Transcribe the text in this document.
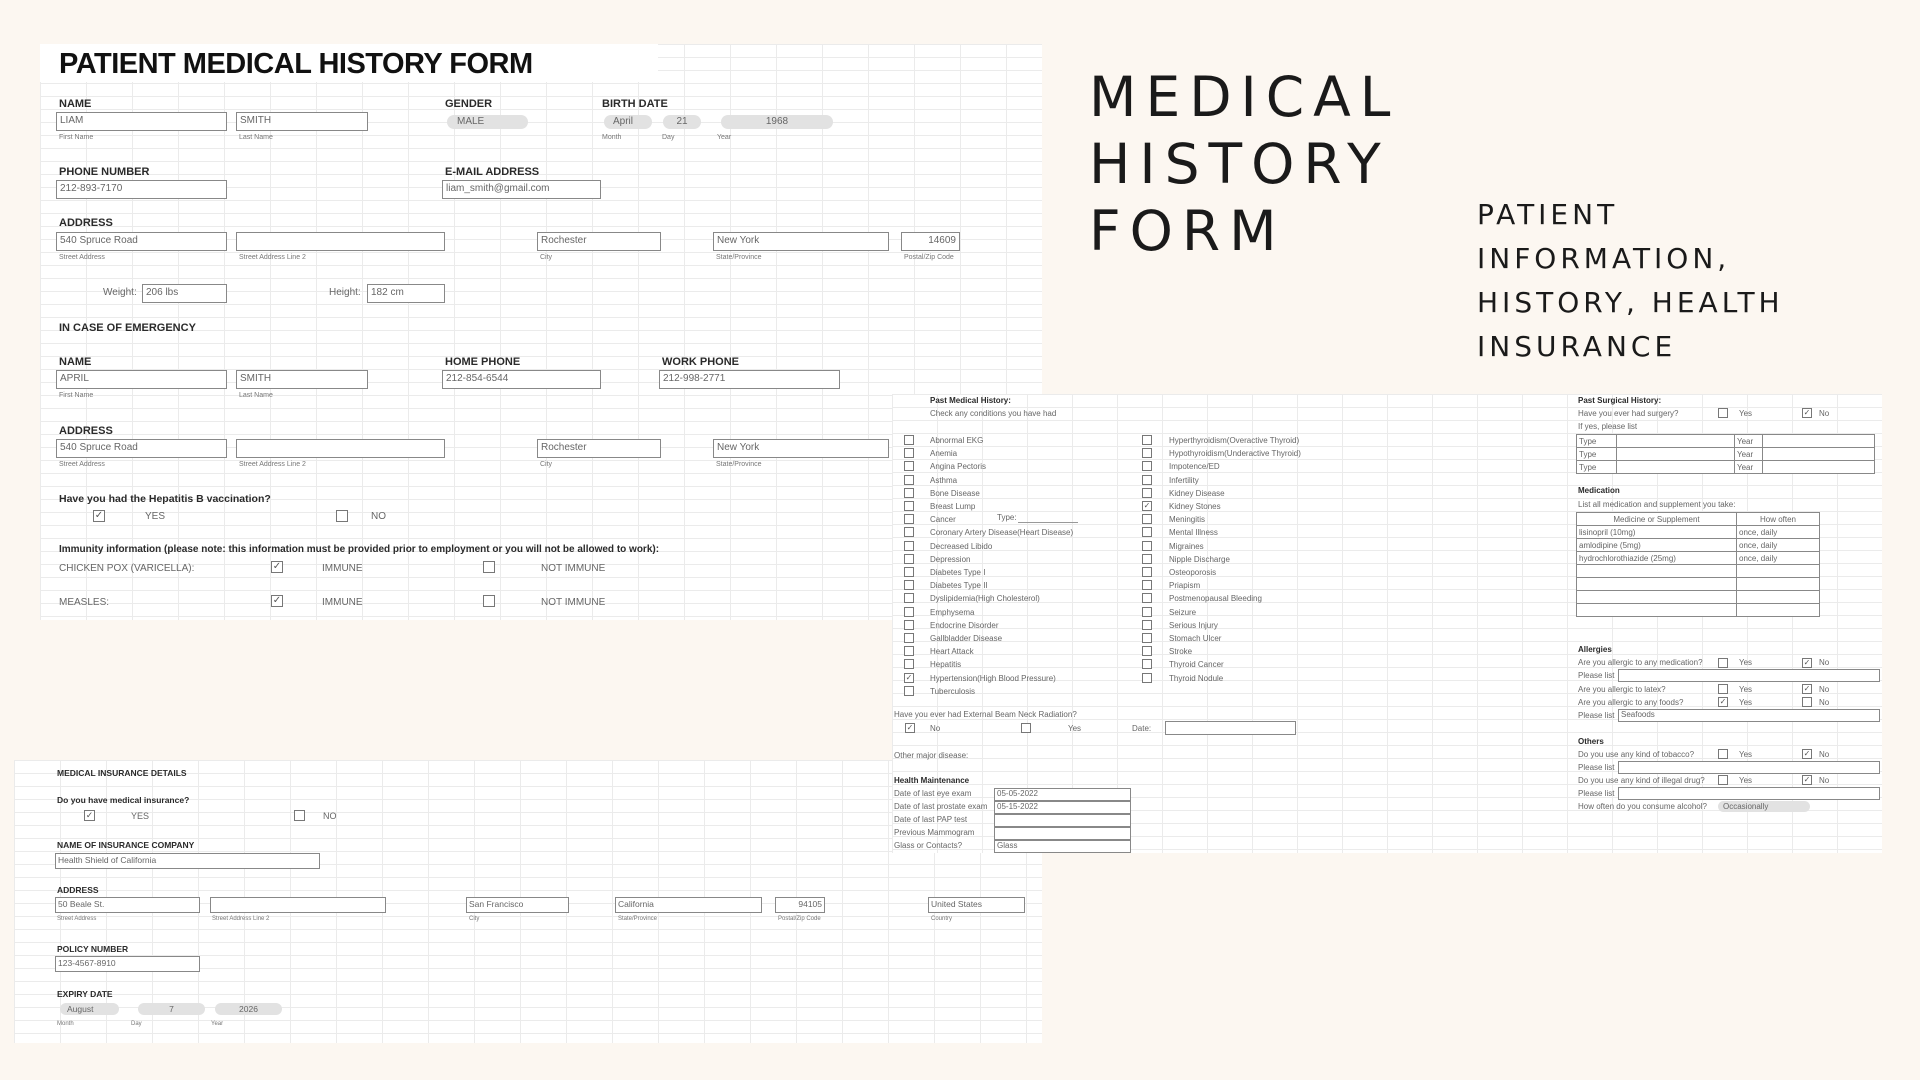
MEDICAL
HISTORY
FORM	PATIENT
INFORMATION,
HISTORY, HEALTH
INSURANCE
PATIENT MEDICAL HISTORY FORM
NAME
LIAM	SMITH
First Name	Last Name
GENDER
MALE
BIRTH DATE
April	21	1968
Month	Day	Year
PHONE NUMBER
212-893-7170
E-MAIL ADDRESS
liam_smith@gmail.com
ADDRESS
540 Spruce Road	Rochester	New York	14609
Street Address	Street Address Line 2	City	State/Province	Postal/Zip Code
Weight: 206 lbs	Height:	182 cm
IN CASE OF EMERGENCY
NAME
APRIL	SMITH
First Name	Last Name
HOME PHONE
212-854-6544
WORK PHONE
212-998-2771
ADDRESS
540 Spruce Road	Rochester	New York
Street Address	Street Address Line 2	City	State/Province
Have you had the Hepatitis B vaccination?
✓	YES	NO
Immunity information (please note: this information must be provided prior to employment or you will not be allowed to work):
CHICKEN POX (VARICELLA):	✓	IMMUNE	NOT IMMUNE
MEASLES:	✓	IMMUNE	NOT IMMUNE
MEDICAL INSURANCE DETAILS
Do you have medical insurance?
✓	YES	NO
NAME OF INSURANCE COMPANY
Health Shield of California
ADDRESS
50 Beale St.	San Francisco	California	94105	United States
Street Address	Street Address Line 2	City	State/Province	Postal/Zip Code	Country
POLICY NUMBER
123-4567-8910
EXPIRY DATE
August	7	2026
Month	Day	Year
Past Medical History:
Check any conditions you have had
Abnormal EKG
Anemia
Angina Pectoris
Asthma
Bone Disease
Breast Lump
Cancer
Coronary Artery Disease(Heart Disease)
Decreased Libido
Depression
Diabetes Type I
Diabetes Type II
Dyslipidemia(High Cholesterol)
Emphysema
Endocrine Disorder
Gallbladder Disease
Heart Attack
Hepatitis
✓ Hypertension(High Blood Pressure)
Tuberculosis
Hyperthyroidism(Overactive Thyroid)
Hypothyroidism(Underactive Thyroid)
Impotence/ED
Infertility
Kidney Disease
✓ Kidney Stones
Meningitis
Mental Illness
Migraines
Nipple Discharge
Osteoporosis
Priapism
Postmenopausal Bleeding
Seizure
Serious Injury
Stomach Ulcer
Stroke
Thyroid Cancer
Thyroid Nodule
Type:
Have you ever had External Beam Neck Radiation?
✓ No	Yes	Date:
Other major disease:
Health Maintenance
Date of last eye exam	05-05-2022
Date of last prostate exam	05-15-2022
Date of last PAP test
Previous Mammogram
Glass or Contacts?	Glass
Past Surgical History:
Have you ever had surgery?	Yes	✓ No
If yes, please list
Type		Year	
Type		Year	
Type		Year	
Medication
List all medication and supplement you take:
Medicine or Supplement	How often
lisinopril (10mg)	once, daily
amlodipine (5mg)	once, daily
hydrochlorothiazide (25mg)	once, daily

Allergies
Are you allergic to any medication?	Yes	✓ No
Please list
Are you allergic to latex?	Yes	✓ No
Are you allergic to any foods?	✓ Yes	No
Please list Seafoods
Others
Do you use any kind of tobacco?	Yes	✓ No
Please list
Do you use any kind of illegal drug?	Yes	✓ No
Please list
How often do you consume alcohol?	Occasionally
